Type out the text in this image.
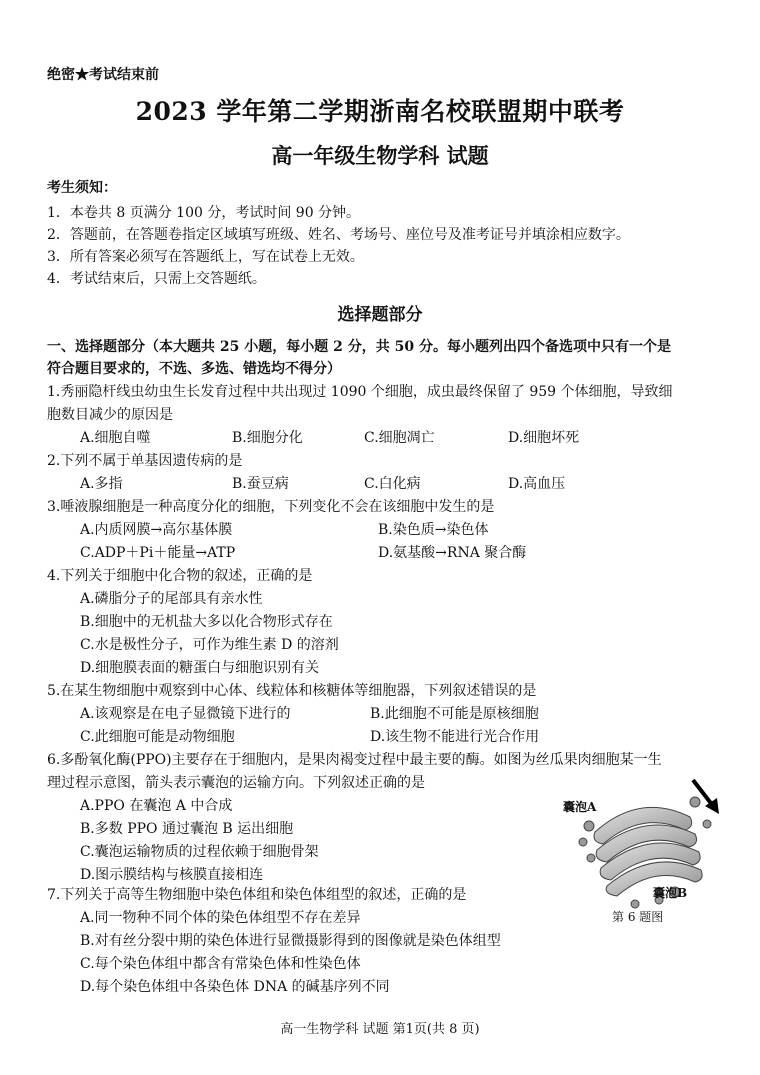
绝密★考试结束前
2023 学年第二学期浙南名校联盟期中联考
高一年级生物学科 试题
考生须知：
1．本卷共 8 页满分 100 分，考试时间 90 分钟。
2．答题前，在答题卷指定区域填写班级、姓名、考场号、座位号及准考证号并填涂相应数字。
3．所有答案必须写在答题纸上，写在试卷上无效。
4．考试结束后，只需上交答题纸。
选择题部分
一、选择题部分（本大题共 25 小题，每小题 2 分，共 50 分。每小题列出四个备选项中只有一个是
符合题目要求的，不选、多选、错选均不得分）
1.秀丽隐杆线虫幼虫生长发育过程中共出现过 1090 个细胞，成虫最终保留了 959 个体细胞，导致细
胞数目减少的原因是
A.细胞自噬	B.细胞分化	C.细胞凋亡	D.细胞坏死
2.下列不属于单基因遗传病的是
A.多指	B.蚕豆病	C.白化病	D.高血压
3.唾液腺细胞是一种高度分化的细胞，下列变化不会在该细胞中发生的是
A.内质网膜→高尔基体膜	B.染色质→染色体
C.ADP＋Pi＋能量→ATP	D.氨基酸→RNA 聚合酶
4.下列关于细胞中化合物的叙述，正确的是
A.磷脂分子的尾部具有亲水性
B.细胞中的无机盐大多以化合物形式存在
C.水是极性分子，可作为维生素 D 的溶剂
D.细胞膜表面的糖蛋白与细胞识别有关
5.在某生物细胞中观察到中心体、线粒体和核糖体等细胞器，下列叙述错误的是
A.该观察是在电子显微镜下进行的	B.此细胞不可能是原核细胞
C.此细胞可能是动物细胞	D.该生物不能进行光合作用
6.多酚氧化酶(PPO)主要存在于细胞内，是果肉褐变过程中最主要的酶。如图为丝瓜果肉细胞某一生
理过程示意图，箭头表示囊泡的运输方向。下列叙述正确的是
A.PPO 在囊泡 A 中合成
B.多数 PPO 通过囊泡 B 运出细胞
C.囊泡运输物质的过程依赖于细胞骨架
D.图示膜结构与核膜直接相连
囊泡A
囊泡B
第 6 题图
7.下列关于高等生物细胞中染色体组和染色体组型的叙述，正确的是
A.同一物种不同个体的染色体组型不存在差异
B.对有丝分裂中期的染色体进行显微摄影得到的图像就是染色体组型
C.每个染色体组中都含有常染色体和性染色体
D.每个染色体组中各染色体 DNA 的碱基序列不同
高一生物学科 试题 第1页(共 8 页)
